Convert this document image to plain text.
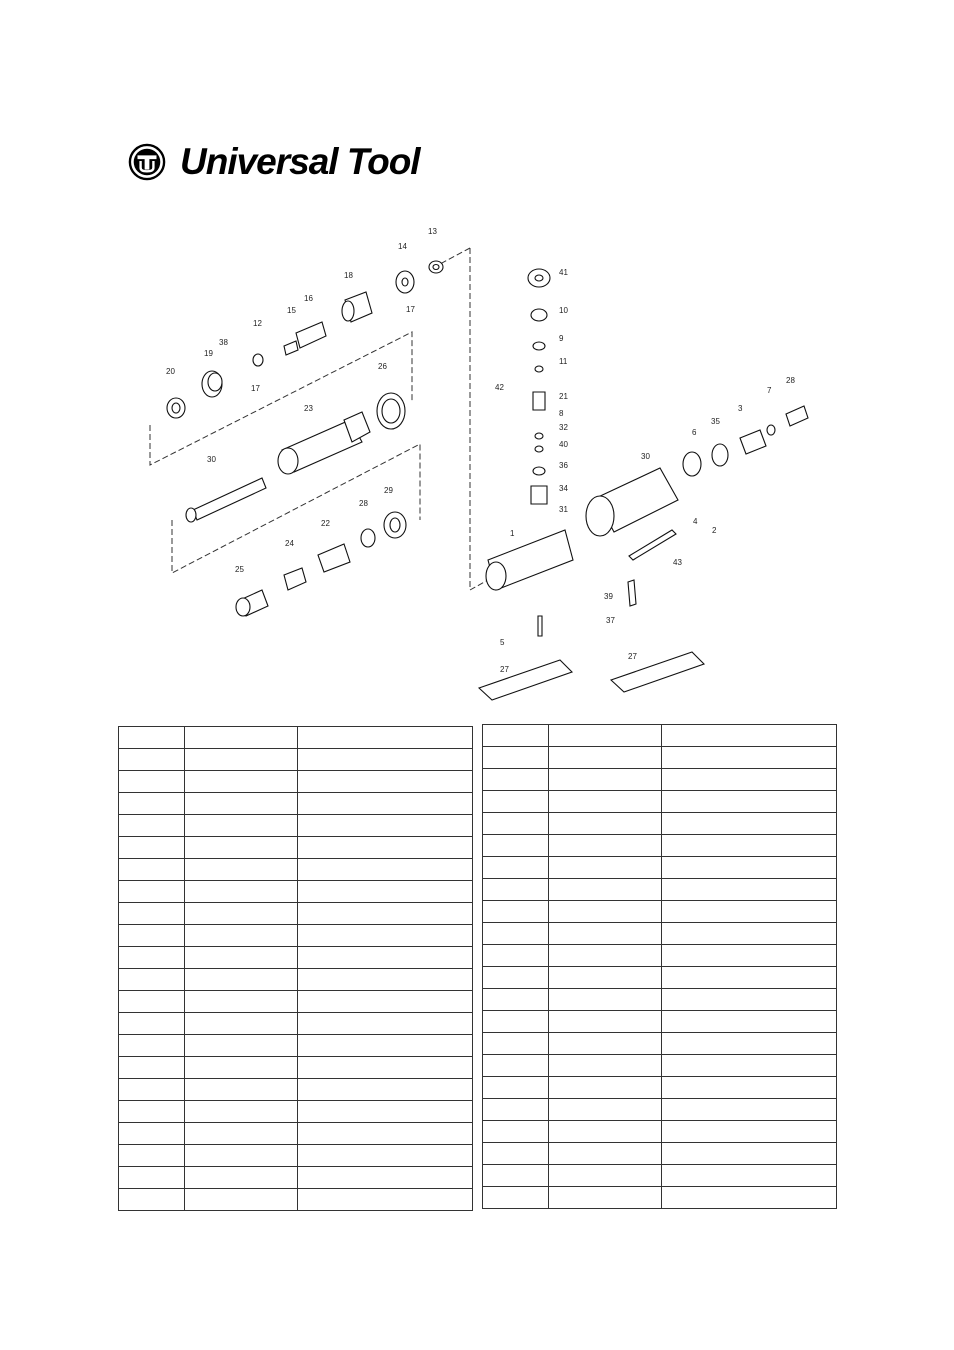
Universal Tool
13
14
18
16
17
15
12
38
19
17
20
26
23
30
28
29
22
24
25
41
10
9
11
42
21
8
32
40
36
34
31
1
5
30
6
35
3
7
28
4
2
43
39
37
27
27
